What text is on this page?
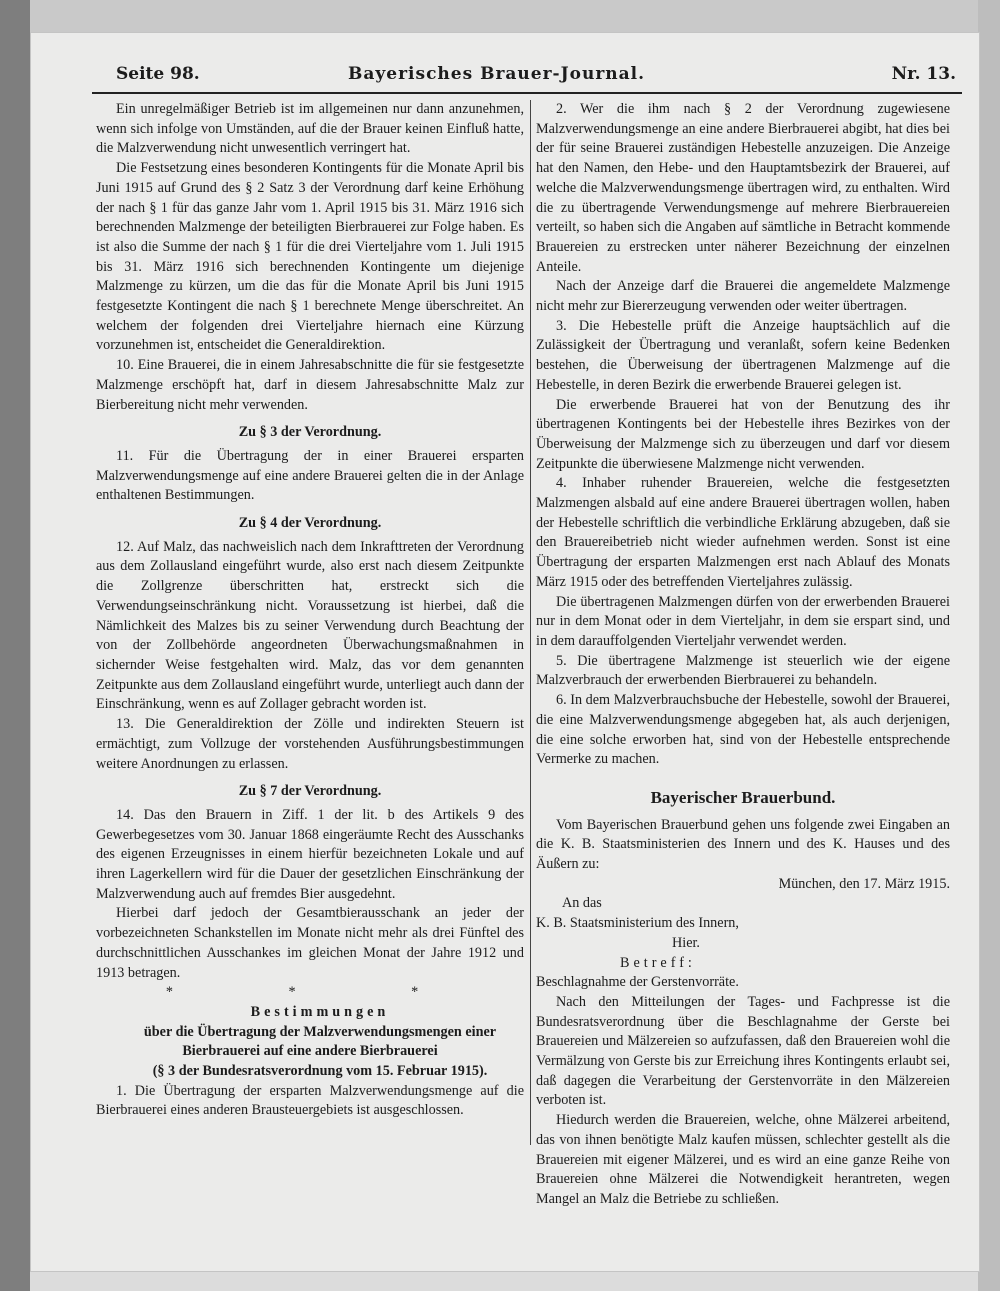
Seite 98.	Bayerisches Brauer-Journal.	Nr. 13.

Ein unregelmäßiger Betrieb ist im allgemeinen nur dann anzunehmen, wenn sich infolge von Umständen, auf die der Brauer keinen Einfluß hatte, die Malzverwendung nicht unwesentlich verringert hat.

Die Festsetzung eines besonderen Kontingents für die Monate April bis Juni 1915 auf Grund des § 2 Satz 3 der Verordnung darf keine Erhöhung der nach § 1 für das ganze Jahr vom 1. April 1915 bis 31. März 1916 sich berechnenden Malzmenge der beteiligten Bierbrauerei zur Folge haben. Es ist also die Summe der nach § 1 für die drei Vierteljahre vom 1. Juli 1915 bis 31. März 1916 sich berechnenden Kontingente um diejenige Malzmenge zu kürzen, um die das für die Monate April bis Juni 1915 festgesetzte Kontingent die nach § 1 berechnete Menge überschreitet. An welchem der folgenden drei Vierteljahre hiernach eine Kürzung vorzunehmen ist, entscheidet die Generaldirektion.

10. Eine Brauerei, die in einem Jahresabschnitte die für sie festgesetzte Malzmenge erschöpft hat, darf in diesem Jahresabschnitte Malz zur Bierbereitung nicht mehr verwenden.

Zu § 3 der Verordnung.

11. Für die Übertragung der in einer Brauerei ersparten Malzverwendungsmenge auf eine andere Brauerei gelten die in der Anlage enthaltenen Bestimmungen.

Zu § 4 der Verordnung.

12. Auf Malz, das nachweislich nach dem Inkrafttreten der Verordnung aus dem Zollausland eingeführt wurde, also erst nach diesem Zeitpunkte die Zollgrenze überschritten hat, erstreckt sich die Verwendungseinschränkung nicht. Voraussetzung ist hierbei, daß die Nämlichkeit des Malzes bis zu seiner Verwendung durch Beachtung der von der Zollbehörde angeordneten Überwachungsmaßnahmen in sichernder Weise festgehalten wird. Malz, das vor dem genannten Zeitpunkte aus dem Zollausland eingeführt wurde, unterliegt auch dann der Einschränkung, wenn es auf Zollager gebracht worden ist.

13. Die Generaldirektion der Zölle und indirekten Steuern ist ermächtigt, zum Vollzuge der vorstehenden Ausführungsbestimmungen weitere Anordnungen zu erlassen.

Zu § 7 der Verordnung.

14. Das den Brauern in Ziff. 1 der lit. b des Artikels 9 des Gewerbegesetzes vom 30. Januar 1868 eingeräumte Recht des Ausschanks des eigenen Erzeugnisses in einem hierfür bezeichneten Lokale und auf ihren Lagerkellern wird für die Dauer der gesetzlichen Einschränkung der Malzverwendung auch auf fremdes Bier ausgedehnt.

Hierbei darf jedoch der Gesamtbierausschank an jeder der vorbezeichneten Schankstellen im Monate nicht mehr als drei Fünftel des durchschnittlichen Ausschankes im gleichen Monat der Jahre 1912 und 1913 betragen.

* * *

Bestimmungen

über die Übertragung der Malzverwendungsmengen einer Bierbrauerei auf eine andere Bierbrauerei

(§ 3 der Bundesratsverordnung vom 15. Februar 1915).

1. Die Übertragung der ersparten Malzverwendungsmenge auf die Bierbrauerei eines anderen Brausteuergebiets ist ausgeschlossen.

2. Wer die ihm nach § 2 der Verordnung zugewiesene Malzverwendungsmenge an eine andere Bierbrauerei abgibt, hat dies bei der für seine Brauerei zuständigen Hebestelle anzuzeigen. Die Anzeige hat den Namen, den Hebe- und den Hauptamtsbezirk der Brauerei, auf welche die Malzverwendungsmenge übertragen wird, zu enthalten. Wird die zu übertragende Verwendungsmenge auf mehrere Bierbrauereien verteilt, so haben sich die Angaben auf sämtliche in Betracht kommende Brauereien zu erstrecken unter näherer Bezeichnung der einzelnen Anteile.

Nach der Anzeige darf die Brauerei die angemeldete Malzmenge nicht mehr zur Biererzeugung verwenden oder weiter übertragen.

3. Die Hebestelle prüft die Anzeige hauptsächlich auf die Zulässigkeit der Übertragung und veranlaßt, sofern keine Bedenken bestehen, die Überweisung der übertragenen Malzmenge auf die Hebestelle, in deren Bezirk die erwerbende Brauerei gelegen ist.

Die erwerbende Brauerei hat von der Benutzung des ihr übertragenen Kontingents bei der Hebestelle ihres Bezirkes von der Überweisung der Malzmenge sich zu überzeugen und darf vor diesem Zeitpunkte die überwiesene Malzmenge nicht verwenden.

4. Inhaber ruhender Brauereien, welche die festgesetzten Malzmengen alsbald auf eine andere Brauerei übertragen wollen, haben der Hebestelle schriftlich die verbindliche Erklärung abzugeben, daß sie den Brauereibetrieb nicht wieder aufnehmen werden. Sonst ist eine Übertragung der ersparten Malzmengen erst nach Ablauf des Monats März 1915 oder des betreffenden Vierteljahres zulässig.

Die übertragenen Malzmengen dürfen von der erwerbenden Brauerei nur in dem Monat oder in dem Vierteljahr, in dem sie erspart sind, und in dem darauffolgenden Vierteljahr verwendet werden.

5. Die übertragene Malzmenge ist steuerlich wie der eigene Malzverbrauch der erwerbenden Bierbrauerei zu behandeln.

6. In dem Malzverbrauchsbuche der Hebestelle, sowohl der Brauerei, die eine Malzverwendungsmenge abgegeben hat, als auch derjenigen, die eine solche erworben hat, sind von der Hebestelle entsprechende Vermerke zu machen.

Bayerischer Brauerbund.

Vom Bayerischen Brauerbund gehen uns folgende zwei Eingaben an die K. B. Staatsministerien des Innern und des K. Hauses und des Äußern zu:

München, den 17. März 1915.

An das

K. B. Staatsministerium des Innern,

Hier.

Betreff:

Beschlagnahme der Gerstenvorräte.

Nach den Mitteilungen der Tages- und Fachpresse ist die Bundesratsverordnung über die Beschlagnahme der Gerste bei Brauereien und Mälzereien so aufzufassen, daß den Brauereien wohl die Vermälzung von Gerste bis zur Erreichung ihres Kontingents erlaubt sei, daß dagegen die Verarbeitung der Gerstenvorräte in den Mälzereien verboten ist.

Hiedurch werden die Brauereien, welche, ohne Mälzerei arbeitend, das von ihnen benötigte Malz kaufen müssen, schlechter gestellt als die Brauereien mit eigener Mälzerei, und es wird an eine ganze Reihe von Brauereien ohne Mälzerei die Notwendigkeit herantreten, wegen Mangel an Malz die Betriebe zu schließen.
